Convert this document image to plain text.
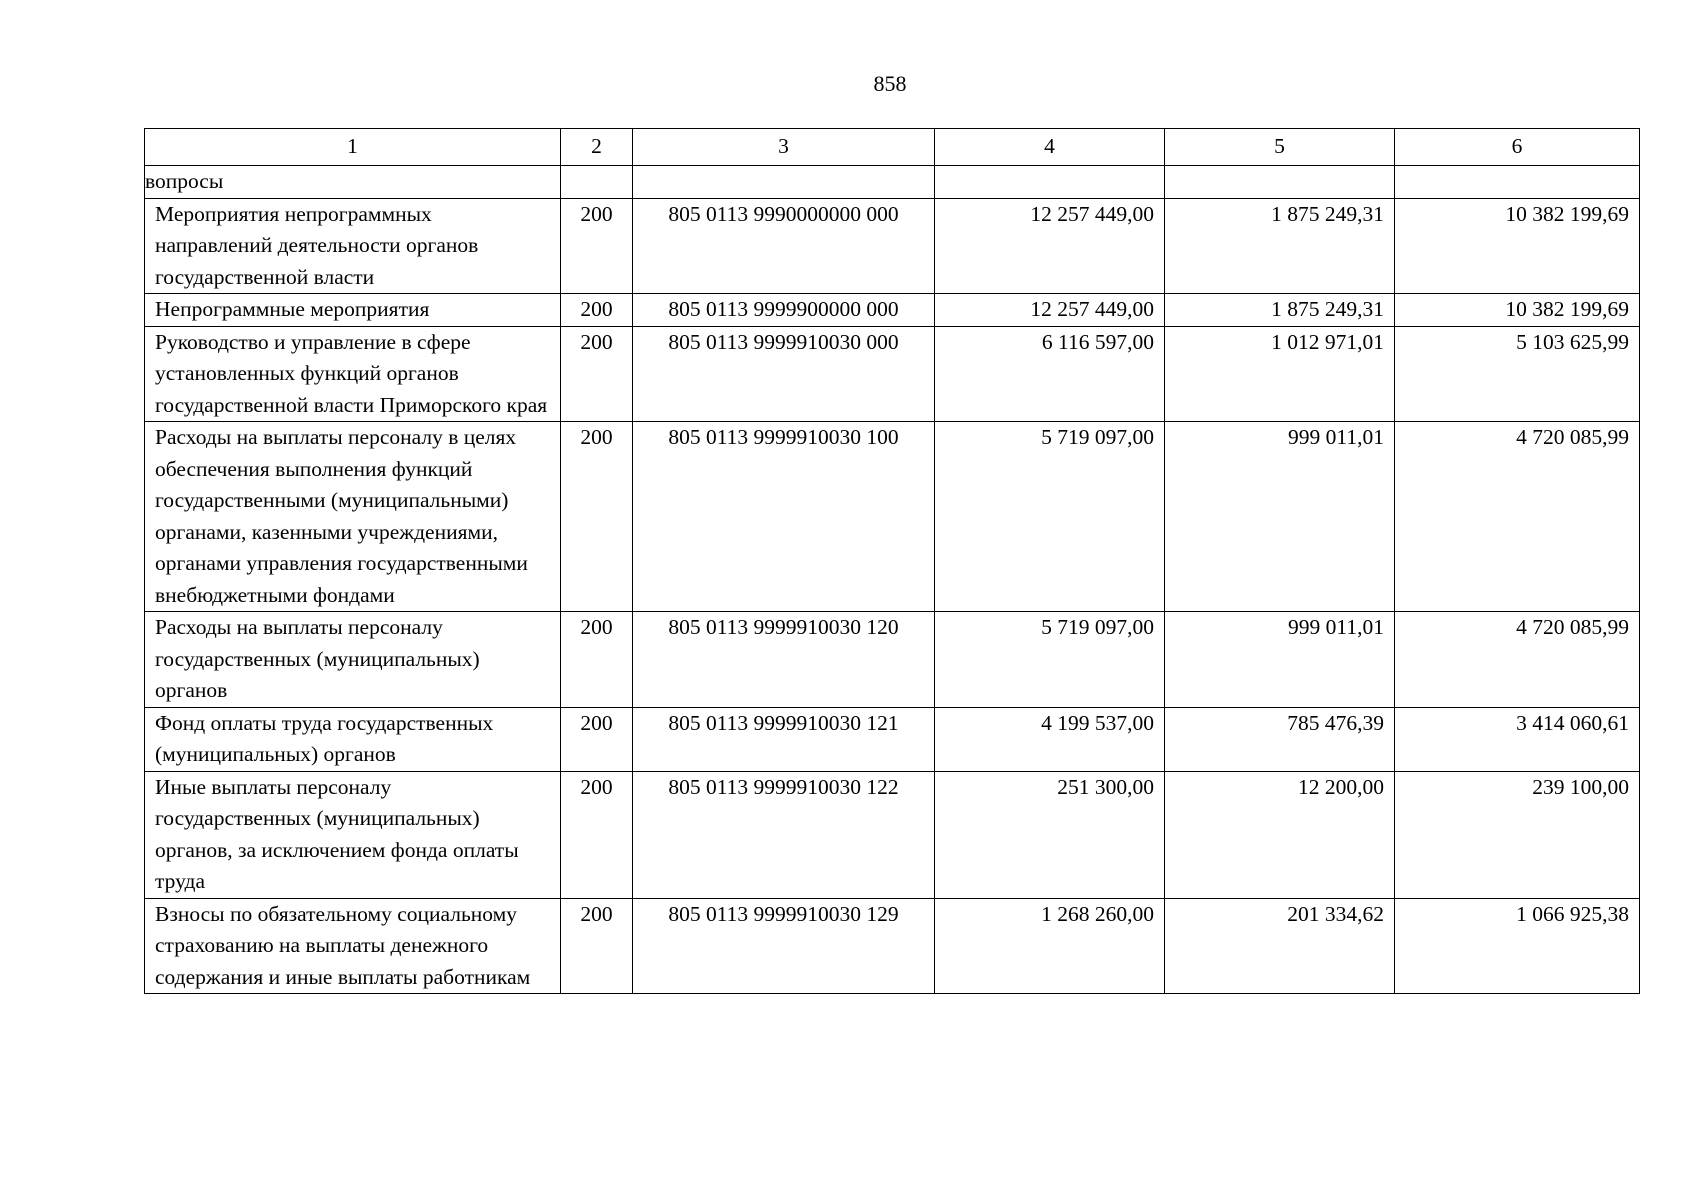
858
1	2	3	4	5	6
вопросы					
Мероприятия непрограммных направлений деятельности органов государственной власти	200	805 0113 9990000000 000	12 257 449,00	1 875 249,31	10 382 199,69
Непрограммные мероприятия	200	805 0113 9999900000 000	12 257 449,00	1 875 249,31	10 382 199,69
Руководство и управление в сфере установленных функций органов государственной власти Приморского края	200	805 0113 9999910030 000	6 116 597,00	1 012 971,01	5 103 625,99
Расходы на выплаты персоналу в целях обеспечения выполнения функций государственными (муниципальными) органами, казенными учреждениями, органами управления государственными внебюджетными фондами	200	805 0113 9999910030 100	5 719 097,00	999 011,01	4 720 085,99
Расходы на выплаты персоналу государственных (муниципальных) органов	200	805 0113 9999910030 120	5 719 097,00	999 011,01	4 720 085,99
Фонд оплаты труда государственных (муниципальных) органов	200	805 0113 9999910030 121	4 199 537,00	785 476,39	3 414 060,61
Иные выплаты персоналу государственных (муниципальных) органов, за исключением фонда оплаты труда	200	805 0113 9999910030 122	251 300,00	12 200,00	239 100,00
Взносы по обязательному социальному страхованию на выплаты денежного содержания и иные выплаты работникам	200	805 0113 9999910030 129	1 268 260,00	201 334,62	1 066 925,38
